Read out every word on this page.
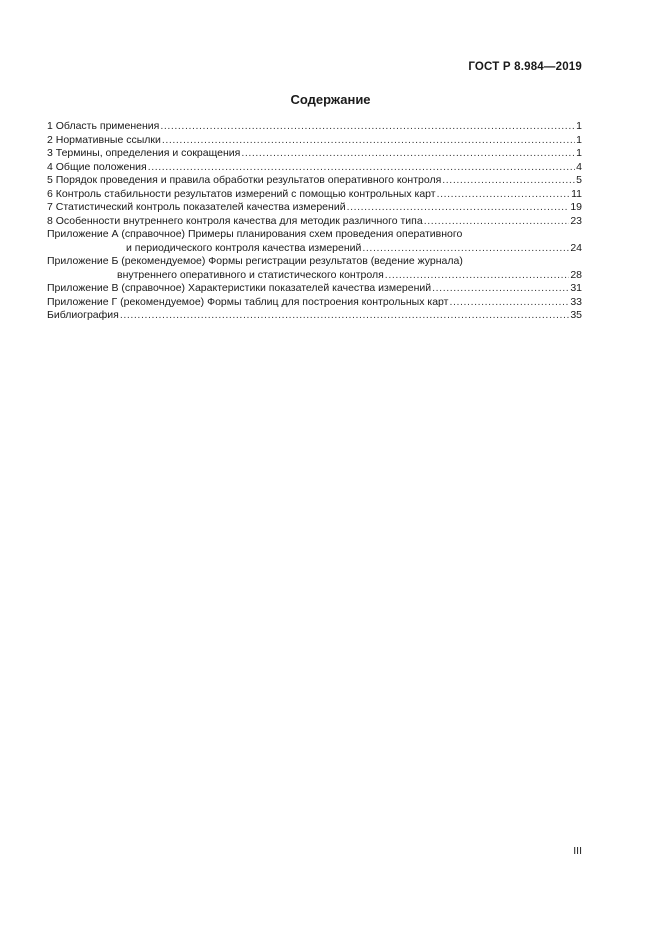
ГОСТ Р 8.984—2019
Содержание
1 Область применения .....	1
2 Нормативные ссылки .....	1
3 Термины, определения и сокращения .....	1
4 Общие положения .....	4
5 Порядок проведения и правила обработки результатов оперативного контроля .....	5
6 Контроль стабильности результатов измерений с помощью контрольных карт .....	11
7 Статистический контроль показателей качества измерений .....	19
8 Особенности внутреннего контроля качества для методик различного типа .....	23
Приложение А (справочное) Примеры планирования схем проведения оперативного
и периодического контроля качества измерений .....	24
Приложение Б (рекомендуемое) Формы регистрации результатов (ведение журнала)
внутреннего оперативного и статистического контроля .....	28
Приложение В (справочное) Характеристики показателей качества измерений .....	31
Приложение Г (рекомендуемое) Формы таблиц для построения контрольных карт .....	33
Библиография .....	35
III
